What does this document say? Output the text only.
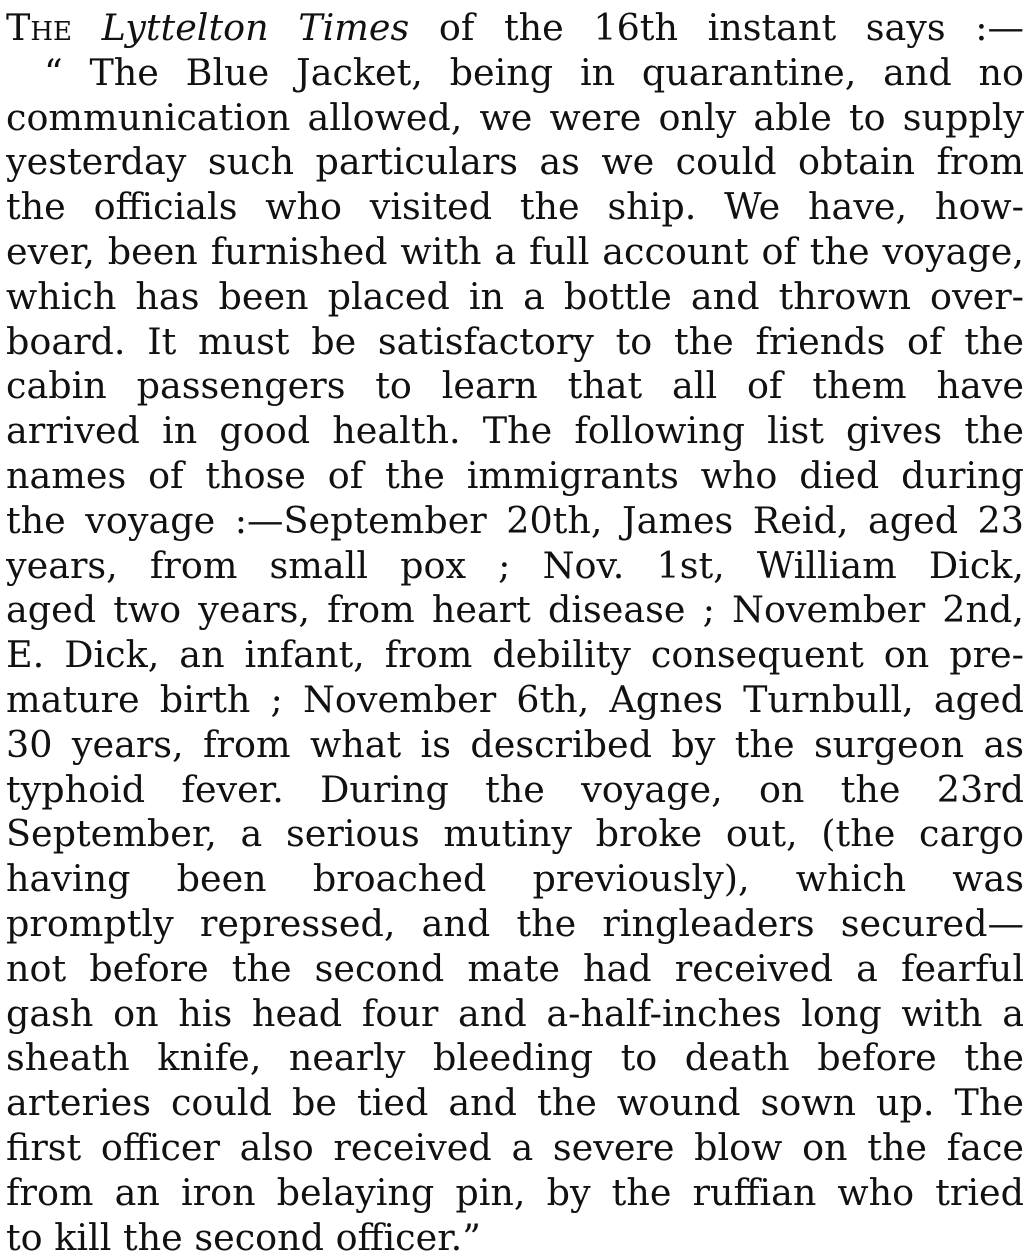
The Lyttelton Times of the 16th instant says :—
“ The Blue Jacket, being in quarantine, and no
communication allowed, we were only able to supply
yesterday such particulars as we could obtain from
the officials who visited the ship. We have, how-
ever, been furnished with a full account of the voyage,
which has been placed in a bottle and thrown over-
board. It must be satisfactory to the friends of the
cabin passengers to learn that all of them have
arrived in good health. The following list gives the
names of those of the immigrants who died during
the voyage :—September 20th, James Reid, aged 23
years, from small pox ; Nov. 1st, William Dick,
aged two years, from heart disease ; November 2nd,
E. Dick, an infant, from debility consequent on pre-
mature birth ; November 6th, Agnes Turnbull, aged
30 years, from what is described by the surgeon as
typhoid fever. During the voyage, on the 23rd
September, a serious mutiny broke out, (the cargo
having been broached previously), which was
promptly repressed, and the ringleaders secured—
not before the second mate had received a fearful
gash on his head four and a-half-inches long with a
sheath knife, nearly bleeding to death before the
arteries could be tied and the wound sown up. The
first officer also received a severe blow on the face
from an iron belaying pin, by the ruffian who tried
to kill the second officer.”
